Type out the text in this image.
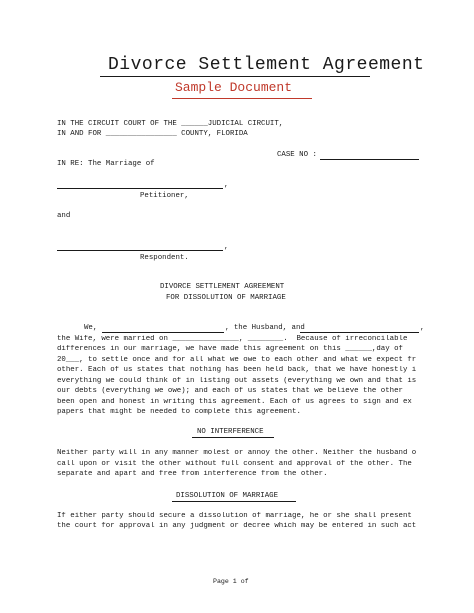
Divorce Settlement Agreement
Sample Document
IN THE CIRCUIT COURT OF THE ______JUDICIAL CIRCUIT,
IN AND FOR ________________ COUNTY, FLORIDA
CASE NO :
IN RE: The Marriage of
,
Petitioner,
and
,
Respondent.
DIVORCE SETTLEMENT AGREEMENT
FOR DISSOLUTION OF MARRIAGE
We,	, the Husband, and	,
the Wife, were married on _______________, ________.  Because of irreconcilable
differences in our marriage, we have made this agreement on this ______,day of
20___, to settle once and for all what we owe to each other and what we expect fr
other. Each of us states that nothing has been held back, that we have honestly i
everything we could think of in listing out assets (everything we own and that is
our debts (everything we owe); and each of us states that we believe the other
been open and honest in writing this agreement. Each of us agrees to sign and ex
papers that might be needed to complete this agreement.
NO INTERFERENCE
Neither party will in any manner molest or annoy the other. Neither the husband o
call upon or visit the other without full consent and approval of the other. The
separate and apart and free from interference from the other.
DISSOLUTION OF MARRIAGE
If either party should secure a dissolution of marriage, he or she shall present
the court for approval in any judgment or decree which may be entered in such act
Page 1 of
